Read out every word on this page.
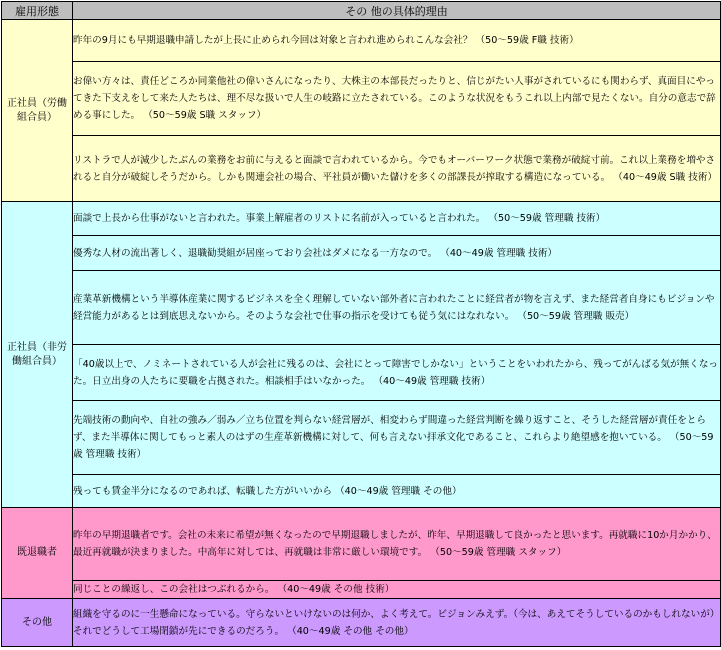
雇用形態	その 他の具体的理由

正社員（労働組合員）	昨年の9月にも早期退職申請したが上長に止められ今回は対象と言われ進められこんな会社？ （50～59歳 F職 技術）

	お偉い方々は、責任どころか同業他社の偉いさんになったり、大株主の本部長だったりと、信じがたい人事がされているにも関わらず、真面目にやってきた下支えをして来た人たちは、理不尽な扱いで人生の岐路に立たされている。このような状況をもうこれ以上内部で見たくない。自分の意志で辞める事にした。 （50～59歳 S職 スタッフ）

	リストラで人が減少したぶんの業務をお前に与えると面談で言われているから。今でもオーバーワーク状態で業務が破綻寸前。これ以上業務を増やされると自分が破綻しそうだから。しかも関連会社の場合、平社員が働いた儲けを多くの部課長が搾取する構造になっている。 （40～49歳 S職 技術）

正社員（非労働組合員）	面談で上長から仕事がないと言われた。事業上解雇者のリストに名前が入っていると言われた。 （50～59歳 管理職 技術）

	優秀な人材の流出著しく、退職勧奨組が居座っており会社はダメになる一方なので。 （40～49歳 管理職 技術）

	産業革新機構という半導体産業に関するビジネスを全く理解していない部外者に言われたことに経営者が物を言えず、また経営者自身にもビジョンや経営能力があるとは到底思えないから。そのような会社で仕事の指示を受けても従う気にはなれない。 （50～59歳 管理職 販売）

	「40歳以上で、ノミネートされている人が会社に残るのは、会社にとって障害でしかない」ということをいわれたから、残ってがんばる気が無くなった。日立出身の人たちに要職を占拠された。相談相手はいなかった。 （40～49歳 管理職 技術）

	先端技術の動向や、自社の強み／弱み／立ち位置を判らない経営層が、相変わらず間違った経営判断を繰り返すこと、そうした経営層が責任をとらず、また半導体に関してもっと素人のはずの生産革新機構に対して、何も言えない拝承文化であること、これらより絶望感を抱いている。 （50～59歳 管理職 技術）

	残っても賃金半分になるのであれば、転職した方がいいから （40～49歳 管理職 その他）

既退職者	昨年の早期退職者です。会社の未来に希望が無くなったので早期退職しましたが、昨年、早期退職して良かったと思います。再就職に10か月かかり、最近再就職が決まりました。中高年に対しては、再就職は非常に厳しい環境です。 （50～59歳 管理職 スタッフ）

	同じことの繰返し、この会社はつぶれるから。 （40～49歳 その他 技術）

その他	組織を守るのに一生懸命になっている。守らないといけないのは何か、よく考えて。ビジョンみえず。（今は、あえてそうしているのかもしれないが）それでどうして工場閉鎖が先にできるのだろう。 （40～49歳 その他 その他）
